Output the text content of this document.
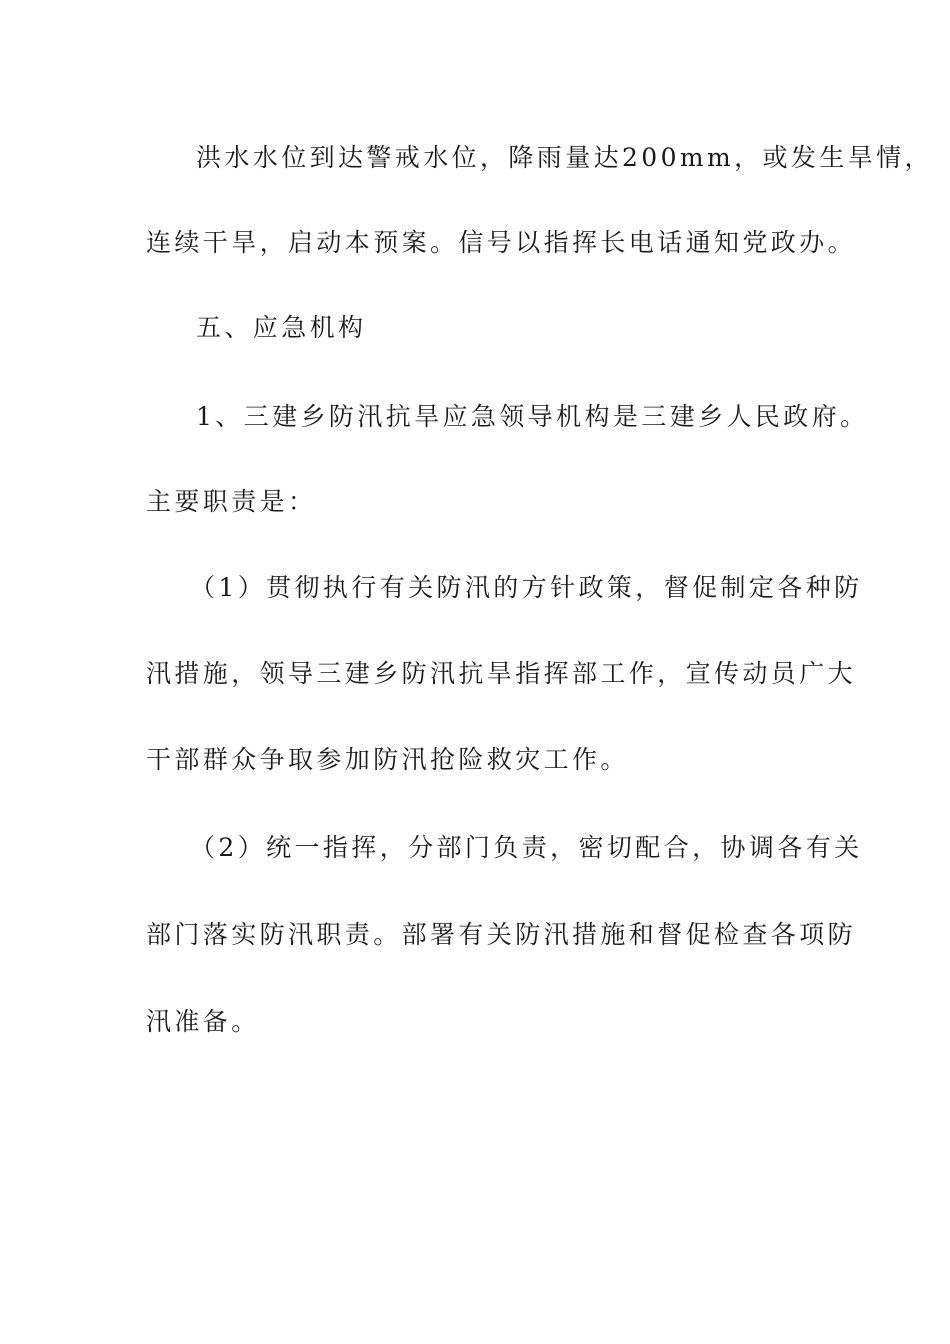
洪水水位到达警戒水位，降雨量达200mm，或发生旱情，
连续干旱，启动本预案。信号以指挥长电话通知党政办。
五、应急机构
1、三建乡防汛抗旱应急领导机构是三建乡人民政府。
主要职责是：
（1）贯彻执行有关防汛的方针政策，督促制定各种防
汛措施，领导三建乡防汛抗旱指挥部工作，宣传动员广大
干部群众争取参加防汛抢险救灾工作。
（2）统一指挥，分部门负责，密切配合，协调各有关
部门落实防汛职责。部署有关防汛措施和督促检查各项防
汛准备。
